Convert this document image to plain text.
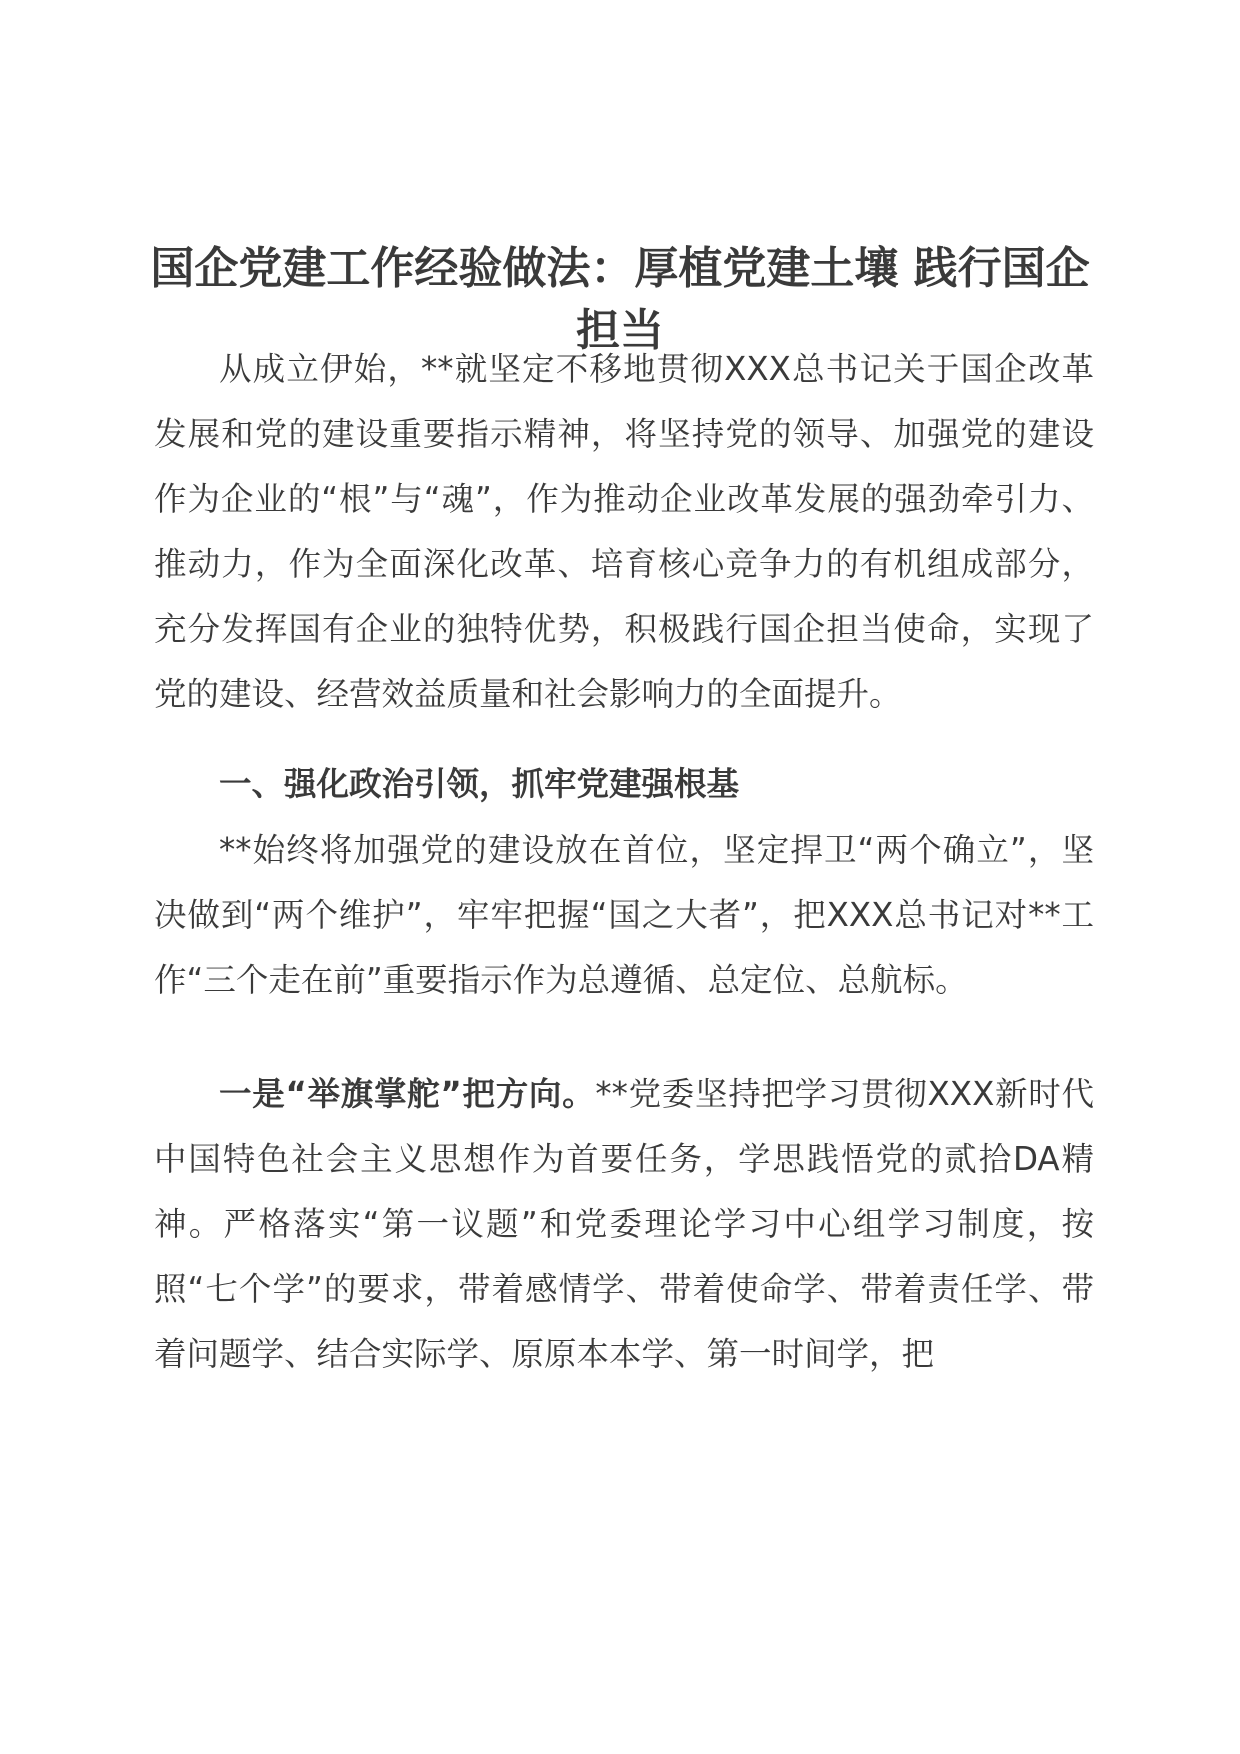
国企党建工作经验做法：厚植党建土壤 践行国企担当

从成立伊始，**就坚定不移地贯彻XXX总书记关于国企改革发展和党的建设重要指示精神，将坚持党的领导、加强党的建设作为企业的“根”与“魂”，作为推动企业改革发展的强劲牵引力、推动力，作为全面深化改革、培育核心竞争力的有机组成部分，充分发挥国有企业的独特优势，积极践行国企担当使命，实现了党的建设、经营效益质量和社会影响力的全面提升。

一、强化政治引领，抓牢党建强根基

**始终将加强党的建设放在首位，坚定捍卫“两个确立”，坚决做到“两个维护”，牢牢把握“国之大者”，把XXX总书记对**工作“三个走在前”重要指示作为总遵循、总定位、总航标。

一是“举旗掌舵”把方向。**党委坚持把学习贯彻XXX新时代中国特色社会主义思想作为首要任务，学思践悟党的贰拾DA精神。严格落实“第一议题”和党委理论学习中心组学习制度，按照“七个学”的要求，带着感情学、带着使命学、带着责任学、带着问题学、结合实际学、原原本本学、第一时间学，把
